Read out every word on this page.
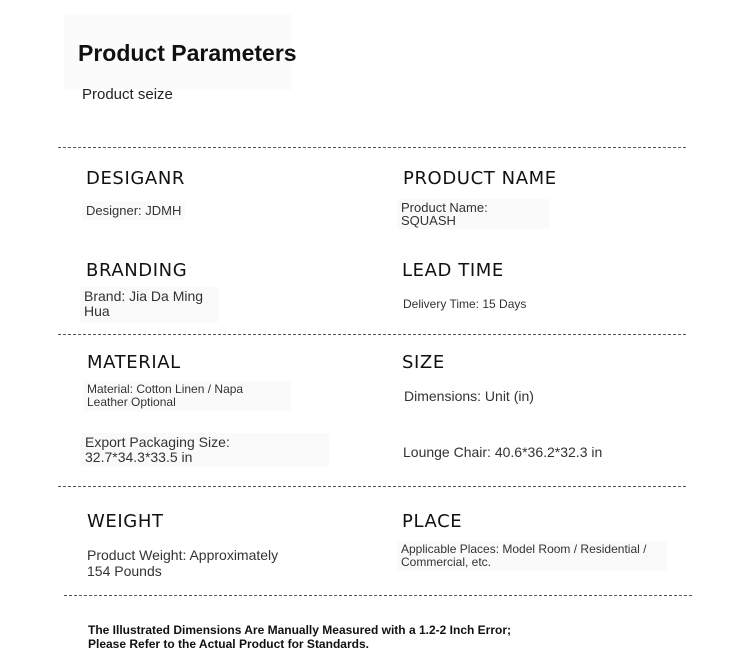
Product Parameters
Product seize
DESIGANR
Designer: JDMH
PRODUCT NAME
Product Name:
SQUASH
BRANDING
Brand: Jia Da Ming
Hua
LEAD TIME
Delivery Time: 15 Days
MATERIAL
Material: Cotton Linen / Napa
Leather Optional
SIZE
Dimensions: Unit (in)
Export Packaging Size:
32.7*34.3*33.5 in	Lounge Chair: 40.6*36.2*32.3 in
WEIGHT
Product Weight: Approximately
154 Pounds
PLACE
Applicable Places: Model Room / Residential /
Commercial, etc.
The Illustrated Dimensions Are Manually Measured with a 1.2-2 Inch Error; Please Refer to the Actual Product for Standards.
